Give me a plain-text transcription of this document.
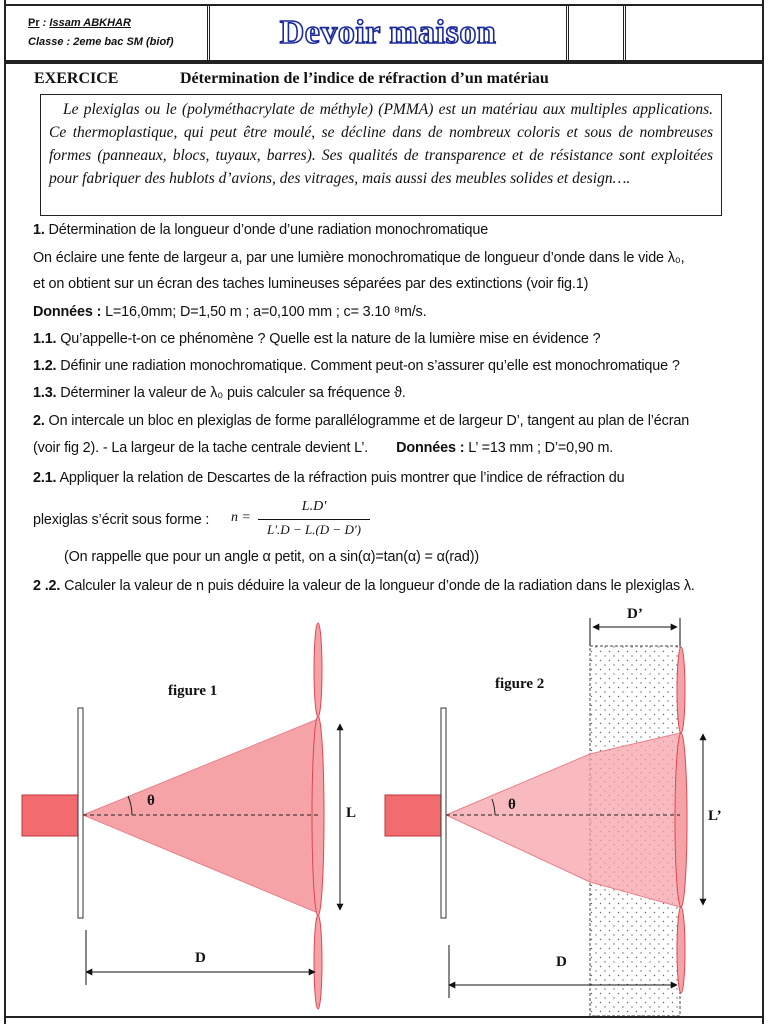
Pr : Issam ABKHAR
Classe : 2eme bac SM (biof)	Devoir maison
EXERCICE	Détermination de l’indice de réfraction d’un matériau
Le plexiglas ou le (polyméthacrylate de méthyle) (PMMA) est un matériau aux multiples applications. Ce thermoplastique, qui peut être moulé, se décline dans de nombreux coloris et sous de nombreuses formes (panneaux, blocs, tuyaux, barres). Ses qualités de transparence et de résistance sont exploitées pour fabriquer des hublots d’avions, des vitrages, mais aussi des meubles solides et design….
1. Détermination de la longueur d’onde d’une radiation monochromatique
On éclaire une fente de largeur a, par une lumière monochromatique de longueur d’onde dans le vide λ₀,
et on obtient sur un écran des taches lumineuses séparées par des extinctions (voir fig.1)
Données : L=16,0mm; D=1,50 m ; a=0,100 mm ; c= 3.10 ⁸m/s.
1.1. Qu’appelle-t-on ce phénomène ? Quelle est la nature de la lumière mise en évidence ?
1.2. Définir une radiation monochromatique. Comment peut-on s’assurer qu’elle est monochromatique ?
1.3. Déterminer la valeur de λ₀ puis calculer sa fréquence ϑ.
2. On intercale un bloc en plexiglas de forme parallélogramme et de largeur D’, tangent au plan de l’écran
(voir fig 2). - La largeur de la tache centrale devient L’. Données : L’ =13 mm ; D’=0,90 m.
2.1. Appliquer la relation de Descartes de la réfraction puis montrer que l’indice de réfraction du
plexiglas s’écrit sous forme : n =
L.D'
L'.D − L.(D − D')
(On rappelle que pour un angle α petit, on a sin(α)=tan(α) = α(rad))
2 .2. Calculer la valeur de n puis déduire la valeur de la longueur d’onde de la radiation dans le plexiglas λ.
figure 1	figure 2
θ	θ
L	L’
D	D
D’
